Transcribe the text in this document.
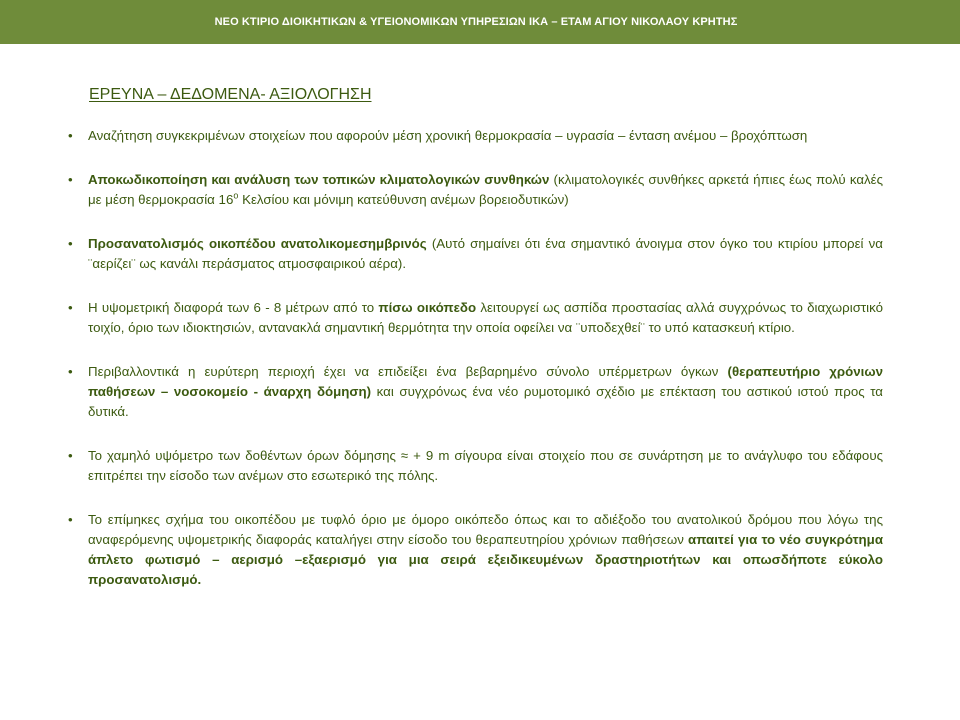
ΝΕΟ ΚΤΙΡΙΟ ΔΙΟΙΚΗΤΙΚΩΝ & ΥΓΕΙΟΝΟΜΙΚΩΝ ΥΠΗΡΕΣΙΩΝ ΙΚΑ – ΕΤΑΜ ΑΓΙΟΥ ΝΙΚΟΛΑΟΥ ΚΡΗΤΗΣ
ΕΡΕΥΝΑ – ΔΕΔΟΜΕΝΑ- ΑΞΙΟΛΟΓΗΣΗ
•	Αναζήτηση συγκεκριμένων στοιχείων που αφορούν μέση χρονική θερμοκρασία – υγρασία – ένταση ανέμου – βροχόπτωση
•	Αποκωδικοποίηση και ανάλυση των τοπικών κλιματολογικών συνθηκών (κλιματολογικές συνθήκες αρκετά ήπιες έως πολύ καλές με μέση θερμοκρασία $16^o$ Κελσίου και μόνιμη κατεύθυνση ανέμων βορειοδυτικών)
•	Προσανατολισμός οικοπέδου ανατολικομεσημβρινός (Αυτό σημαίνει ότι ένα σημαντικό άνοιγμα στον όγκο του κτιρίου μπορεί να ¨αερίζει¨ ως κανάλι περάσματος ατμοσφαιρικού αέρα).
•	Η υψομετρική διαφορά των 6 - 8 μέτρων από το πίσω οικόπεδο λειτουργεί ως ασπίδα προστασίας αλλά συγχρόνως το διαχωριστικό τοιχίο, όριο των ιδιοκτησιών, αντανακλά σημαντική θερμότητα την οποία οφείλει να ¨υποδεχθεί¨ το υπό κατασκευή κτίριο.
•	Περιβαλλοντικά η ευρύτερη περιοχή έχει να επιδείξει ένα βεβαρημένο σύνολο υπέρμετρων όγκων (θεραπευτήριο χρόνιων παθήσεων – νοσοκομείο - άναρχη δόμηση) και συγχρόνως ένα νέο ρυμοτομικό σχέδιο με επέκταση του αστικού ιστού προς τα δυτικά.
•	Το χαμηλό υψόμετρο των δοθέντων όρων δόμησης ≈ + 9 m σίγουρα είναι στοιχείο που σε συνάρτηση με το ανάγλυφο του εδάφους επιτρέπει την είσοδο των ανέμων στο εσωτερικό της πόλης.
•	Το επίμηκες σχήμα του οικοπέδου με τυφλό όριο με όμορο οικόπεδο όπως και το αδιέξοδο του ανατολικού δρόμου που λόγω της αναφερόμενης υψομετρικής διαφοράς καταλήγει στην είσοδο του θεραπευτηρίου χρόνιων παθήσεων απαιτεί για το νέο συγκρότημα άπλετο φωτισμό – αερισμό –εξαερισμό για μια σειρά εξειδικευμένων δραστηριοτήτων και οπωσδήποτε εύκολο προσανατολισμό.
